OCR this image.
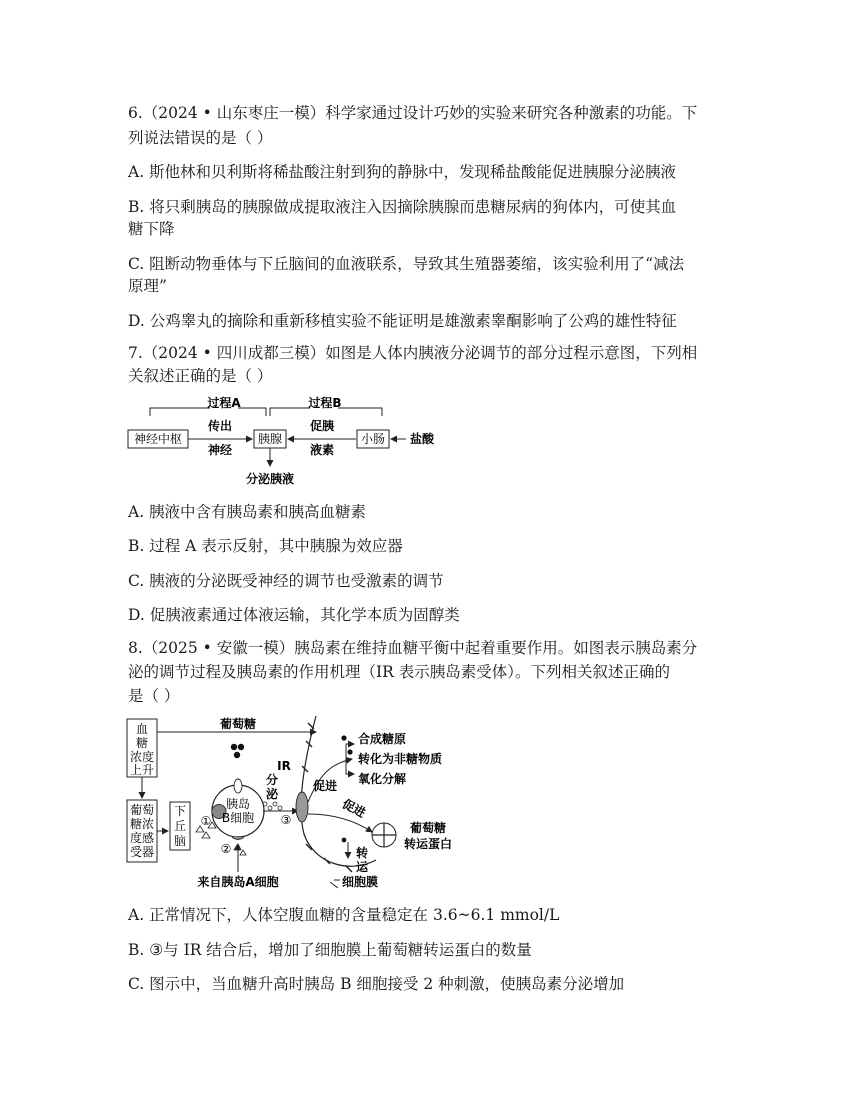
6.（2024 • 山东枣庄一模）科学家通过设计巧妙的实验来研究各种激素的功能。下
列说法错误的是（ ）
A. 斯他林和贝利斯将稀盐酸注射到狗的静脉中，发现稀盐酸能促进胰腺分泌胰液
B. 将只剩胰岛的胰腺做成提取液注入因摘除胰腺而患糖尿病的狗体内，可使其血
糖下降
C. 阻断动物垂体与下丘脑间的血液联系，导致其生殖器萎缩，该实验利用了“减法
原理”
D. 公鸡睾丸的摘除和重新移植实验不能证明是雄激素睾酮影响了公鸡的雄性特征
7.（2024 • 四川成都三模）如图是人体内胰液分泌调节的部分过程示意图，下列相
关叙述正确的是（ ）
过程A	过程B
神经中枢
传出
神经
胰腺
促胰
液素
小肠 盐酸
分泌胰液
A. 胰液中含有胰岛素和胰高血糖素
B. 过程 A 表示反射，其中胰腺为效应器
C. 胰液的分泌既受神经的调节也受激素的调节
D. 促胰液素通过体液运输，其化学本质为固醇类
8.（2025 • 安徽一模）胰岛素在维持血糖平衡中起着重要作用。如图表示胰岛素分
泌的调节过程及胰岛素的作用机理（IR 表示胰岛素受体）。下列相关叙述正确的
是（ ）
血
糖
浓度
上升
葡萄糖
葡萄
糖浓
度感
受器
下
丘
脑
胰岛
B细胞
①
②
来自胰岛A细胞
分
泌
③
IR
促进
合成糖原
转化为非糖物质
氧化分解
促进
葡萄糖
转运蛋白
转
运
细胞膜
A. 正常情况下，人体空腹血糖的含量稳定在 3.6~6.1 mmol/L
B. ③与 IR 结合后，增加了细胞膜上葡萄糖转运蛋白的数量
C. 图示中，当血糖升高时胰岛 B 细胞接受 2 种刺激，使胰岛素分泌增加
